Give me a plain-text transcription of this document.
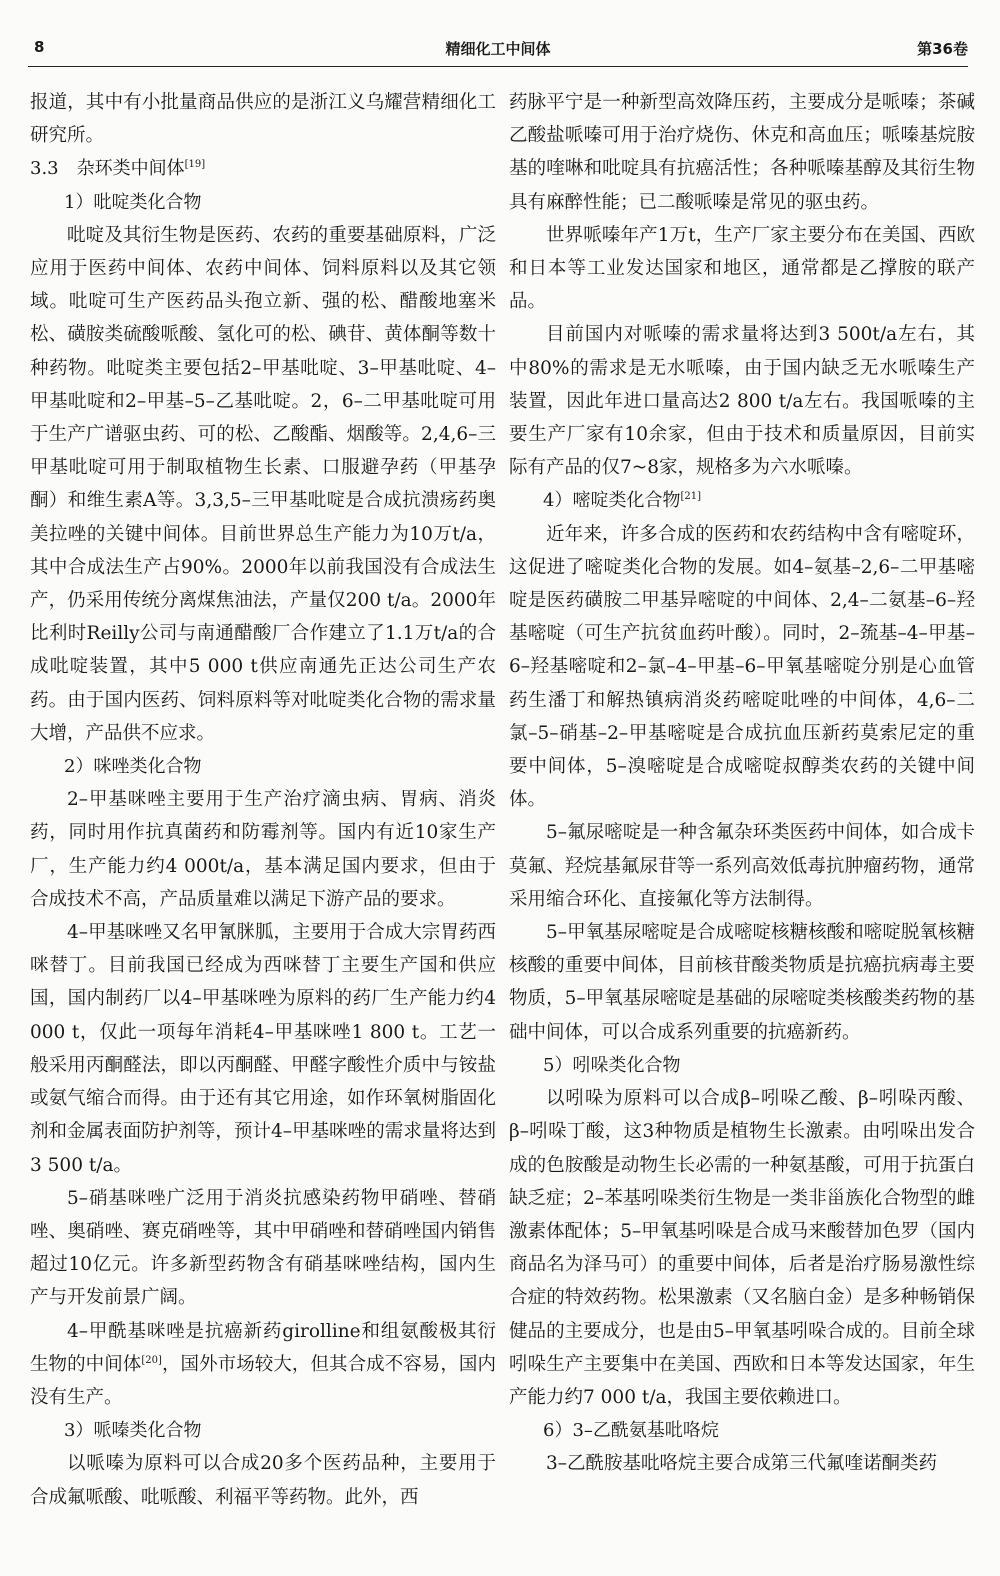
8	精细化工中间体	第36卷

报道，其中有小批量商品供应的是浙江义乌耀营精细化工研究所。

3.3　杂环类中间体[19]

1）吡啶类化合物

吡啶及其衍生物是医药、农药的重要基础原料，广泛应用于医药中间体、农药中间体、饲料原料以及其它领域。吡啶可生产医药品头孢立新、强的松、醋酸地塞米松、磺胺类硫酸哌酸、氢化可的松、碘苷、黄体酮等数十种药物。吡啶类主要包括2–甲基吡啶、3–甲基吡啶、4–甲基吡啶和2–甲基–5–乙基吡啶。2，6–二甲基吡啶可用于生产广谱驱虫药、可的松、乙酸酯、烟酸等。2,4,6–三甲基吡啶可用于制取植物生长素、口服避孕药（甲基孕酮）和维生素A等。3,3,5–三甲基吡啶是合成抗溃疡药奥美拉唑的关键中间体。目前世界总生产能力为10万t/a，其中合成法生产占90%。2000年以前我国没有合成法生产，仍采用传统分离煤焦油法，产量仅200 t/a。2000年比利时Reilly公司与南通醋酸厂合作建立了1.1万t/a的合成吡啶装置，其中5 000 t供应南通先正达公司生产农药。由于国内医药、饲料原料等对吡啶类化合物的需求量大增，产品供不应求。

2）咪唑类化合物

2–甲基咪唑主要用于生产治疗滴虫病、胃病、消炎药，同时用作抗真菌药和防霉剂等。国内有近10家生产厂，生产能力约4 000t/a，基本满足国内要求，但由于合成技术不高，产品质量难以满足下游产品的要求。

4–甲基咪唑又名甲氰脒胍，主要用于合成大宗胃药西咪替丁。目前我国已经成为西咪替丁主要生产国和供应国，国内制药厂以4–甲基咪唑为原料的药厂生产能力约4 000 t，仅此一项每年消耗4–甲基咪唑1 800 t。工艺一般采用丙酮醛法，即以丙酮醛、甲醛字酸性介质中与铵盐或氨气缩合而得。由于还有其它用途，如作环氧树脂固化剂和金属表面防护剂等，预计4–甲基咪唑的需求量将达到3 500 t/a。

5–硝基咪唑广泛用于消炎抗感染药物甲硝唑、替硝唑、奥硝唑、赛克硝唑等，其中甲硝唑和替硝唑国内销售超过10亿元。许多新型药物含有硝基咪唑结构，国内生产与开发前景广阔。

4–甲酰基咪唑是抗癌新药girolline和组氨酸极其衍生物的中间体[20]，国外市场较大，但其合成不容易，国内没有生产。

3）哌嗪类化合物

以哌嗪为原料可以合成20多个医药品种，主要用于合成氟哌酸、吡哌酸、利福平等药物。此外，西

药脉平宁是一种新型高效降压药，主要成分是哌嗪；茶碱乙酸盐哌嗪可用于治疗烧伤、休克和高血压；哌嗪基烷胺基的喹啉和吡啶具有抗癌活性；各种哌嗪基醇及其衍生物具有麻醉性能；已二酸哌嗪是常见的驱虫药。

世界哌嗪年产1万t，生产厂家主要分布在美国、西欧和日本等工业发达国家和地区，通常都是乙撑胺的联产品。

目前国内对哌嗪的需求量将达到3 500t/a左右，其中80%的需求是无水哌嗪，由于国内缺乏无水哌嗪生产装置，因此年进口量高达2 800 t/a左右。我国哌嗪的主要生产厂家有10余家，但由于技术和质量原因，目前实际有产品的仅7~8家，规格多为六水哌嗪。

4）嘧啶类化合物[21]

近年来，许多合成的医药和农药结构中含有嘧啶环，这促进了嘧啶类化合物的发展。如4–氨基–2,6–二甲基嘧啶是医药磺胺二甲基异嘧啶的中间体、2,4–二氨基–6–羟基嘧啶（可生产抗贫血药叶酸）。同时，2–巯基–4–甲基–6–羟基嘧啶和2–氯–4–甲基–6–甲氧基嘧啶分别是心血管药生潘丁和解热镇病消炎药嘧啶吡唑的中间体，4,6–二氯–5–硝基–2–甲基嘧啶是合成抗血压新药莫索尼定的重要中间体，5–溴嘧啶是合成嘧啶叔醇类农药的关键中间体。

5–氟尿嘧啶是一种含氟杂环类医药中间体，如合成卡莫氟、羟烷基氟尿苷等一系列高效低毒抗肿瘤药物，通常采用缩合环化、直接氟化等方法制得。

5–甲氧基尿嘧啶是合成嘧啶核糖核酸和嘧啶脱氧核糖核酸的重要中间体，目前核苷酸类物质是抗癌抗病毒主要物质，5–甲氧基尿嘧啶是基础的尿嘧啶类核酸类药物的基础中间体，可以合成系列重要的抗癌新药。

5）吲哚类化合物

以吲哚为原料可以合成β–吲哚乙酸、β–吲哚丙酸、β–吲哚丁酸，这3种物质是植物生长激素。由吲哚出发合成的色胺酸是动物生长必需的一种氨基酸，可用于抗蛋白缺乏症；2–苯基吲哚类衍生物是一类非甾族化合物型的雌激素体配体；5–甲氧基吲哚是合成马来酸替加色罗（国内商品名为泽马可）的重要中间体，后者是治疗肠易激性综合症的特效药物。松果激素（又名脑白金）是多种畅销保健品的主要成分，也是由5–甲氧基吲哚合成的。目前全球吲哚生产主要集中在美国、西欧和日本等发达国家，年生产能力约7 000 t/a，我国主要依赖进口。

6）3–乙酰氨基吡咯烷

3–乙酰胺基吡咯烷主要合成第三代氟喹诺酮类药
